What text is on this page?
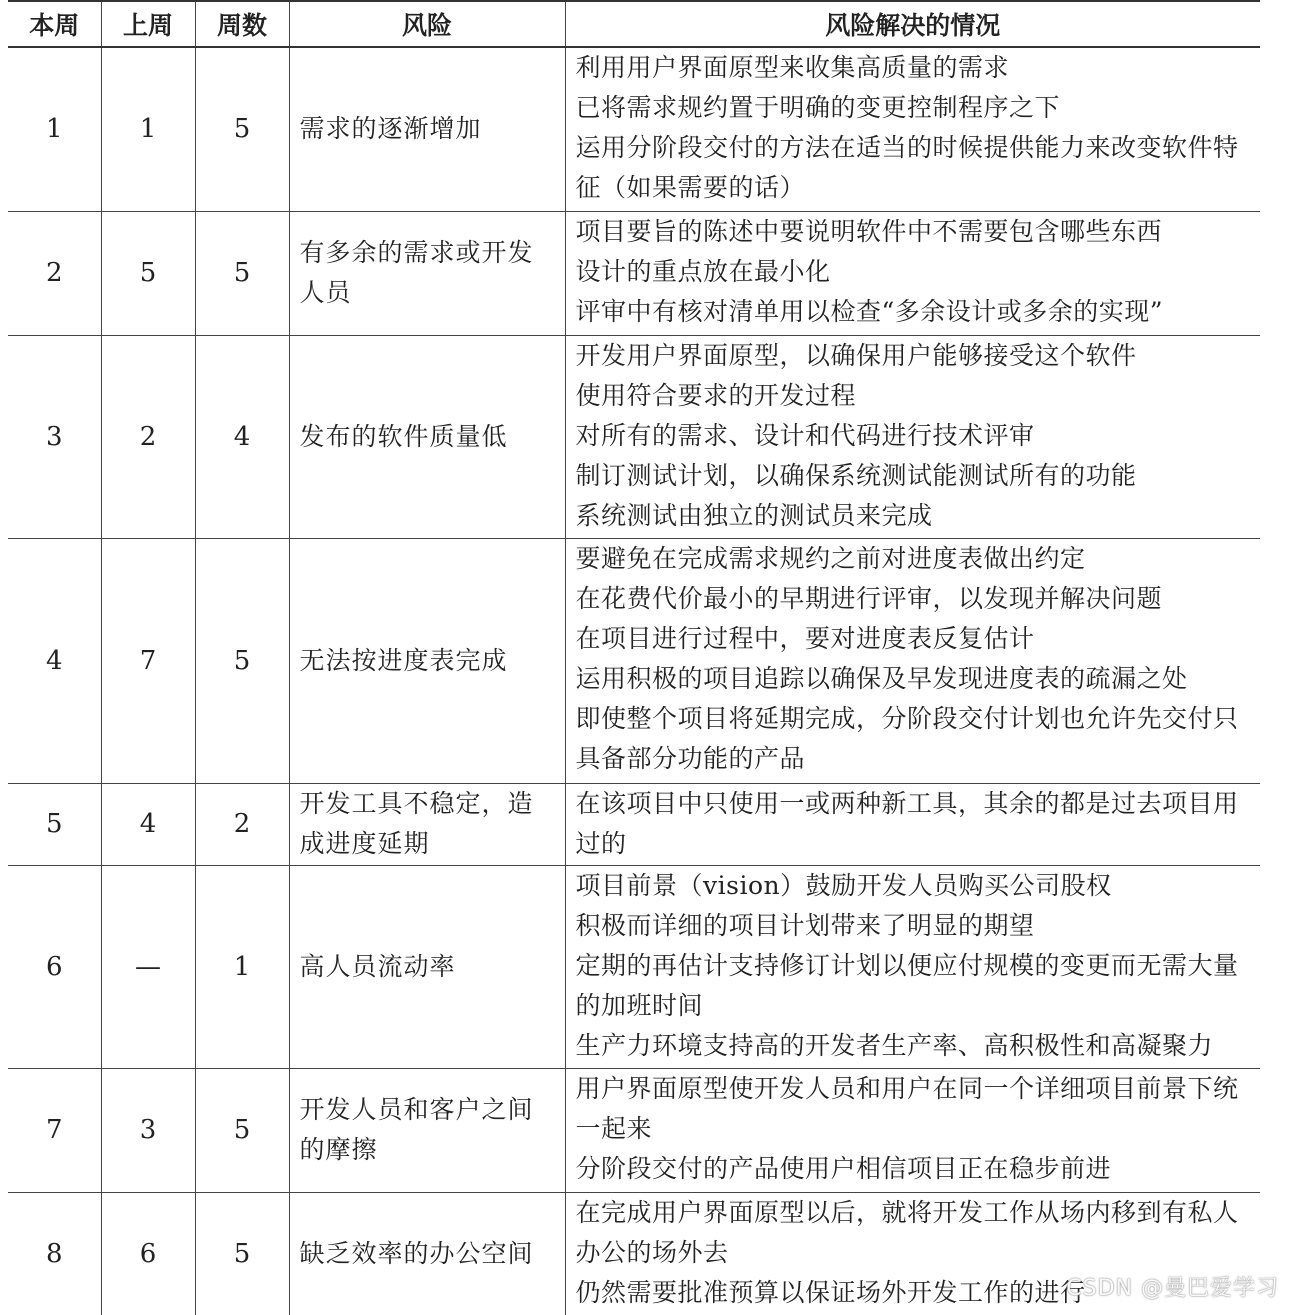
本周	上周	周数	风险	风险解决的情况
1	1	5	需求的逐渐增加	利用用户界面原型来收集高质量的需求
已将需求规约置于明确的变更控制程序之下
运用分阶段交付的方法在适当的时候提供能力来改变软件特征（如果需要的话）

2	5	5	有多余的需求或开发人员	项目要旨的陈述中要说明软件中不需要包含哪些东西
设计的重点放在最小化
评审中有核对清单用以检查“多余设计或多余的实现”

3	2	4	发布的软件质量低	开发用户界面原型，以确保用户能够接受这个软件
使用符合要求的开发过程
对所有的需求、设计和代码进行技术评审
制订测试计划，以确保系统测试能测试所有的功能
系统测试由独立的测试员来完成

4	7	5	无法按进度表完成	要避免在完成需求规约之前对进度表做出约定
在花费代价最小的早期进行评审，以发现并解决问题
在项目进行过程中，要对进度表反复估计
运用积极的项目追踪以确保及早发现进度表的疏漏之处
即使整个项目将延期完成，分阶段交付计划也允许先交付只具备部分功能的产品

5	4	2	开发工具不稳定，造成进度延期	在该项目中只使用一或两种新工具，其余的都是过去项目用过的

6	—	1	高人员流动率	项目前景（vision）鼓励开发人员购买公司股权
积极而详细的项目计划带来了明显的期望
定期的再估计支持修订计划以便应付规模的变更而无需大量的加班时间
生产力环境支持高的开发者生产率、高积极性和高凝聚力

7	3	5	开发人员和客户之间的摩擦	用户界面原型使开发人员和用户在同一个详细项目前景下统一起来
分阶段交付的产品使用户相信项目正在稳步前进

8	6	5	缺乏效率的办公空间	在完成用户界面原型以后，就将开发工作从场内移到有私人办公的场外去
仍然需要批准预算以保证场外开发工作的进行
CSDN @曼巴爱学习
